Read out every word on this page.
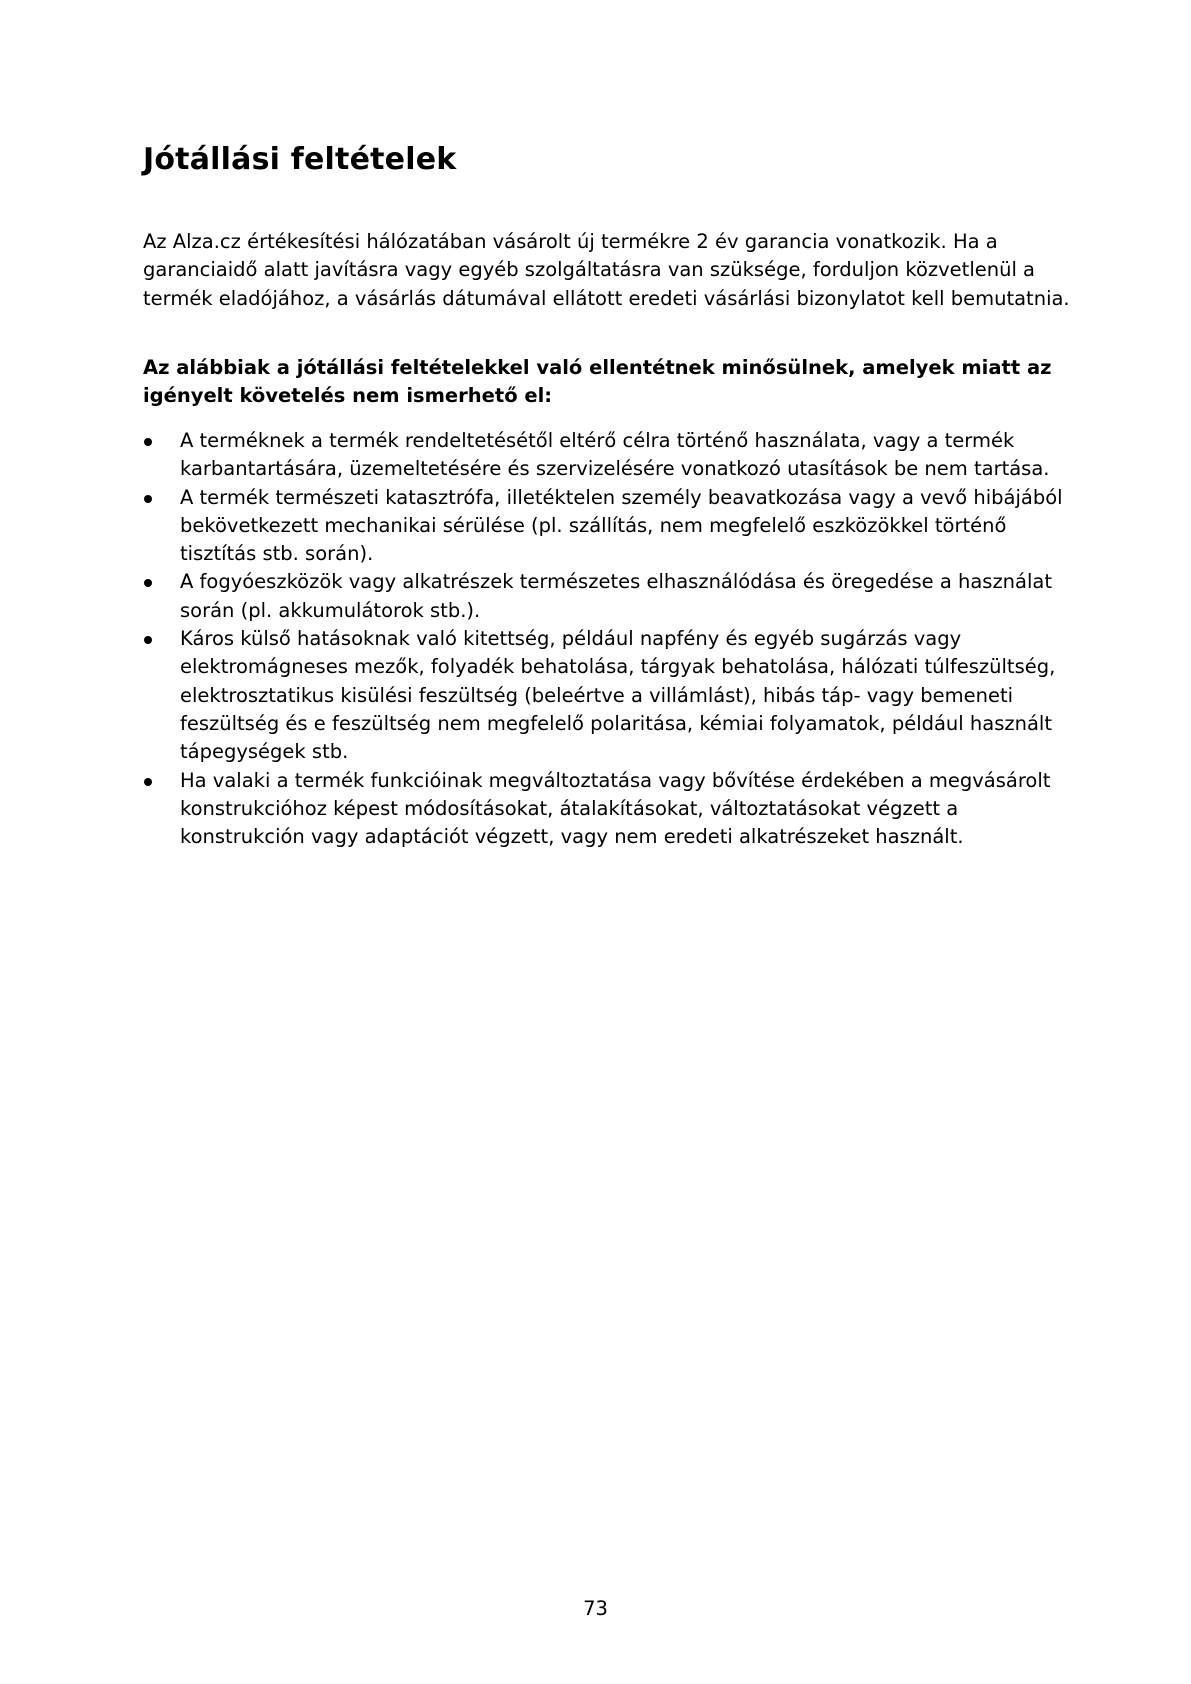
Jótállási feltételek

Az Alza.cz értékesítési hálózatában vásárolt új termékre 2 év garancia vonatkozik. Ha a garanciaidő alatt javításra vagy egyéb szolgáltatásra van szüksége, forduljon közvetlenül a termék eladójához, a vásárlás dátumával ellátott eredeti vásárlási bizonylatot kell bemutatnia.

Az alábbiak a jótállási feltételekkel való ellentétnek minősülnek, amelyek miatt az igényelt követelés nem ismerhető el:

A terméknek a termék rendeltetésétől eltérő célra történő használata, vagy a termék karbantartására, üzemeltetésére és szervizelésére vonatkozó utasítások be nem tartása.
A termék természeti katasztrófa, illetéktelen személy beavatkozása vagy a vevő hibájából bekövetkezett mechanikai sérülése (pl. szállítás, nem megfelelő eszközökkel történő tisztítás stb. során).
A fogyóeszközök vagy alkatrészek természetes elhasználódása és öregedése a használat során (pl. akkumulátorok stb.).
Káros külső hatásoknak való kitettség, például napfény és egyéb sugárzás vagy elektromágneses mezők, folyadék behatolása, tárgyak behatolása, hálózati túlfeszültség, elektrosztatikus kisülési feszültség (beleértve a villámlást), hibás táp- vagy bemeneti feszültség és e feszültség nem megfelelő polaritása, kémiai folyamatok, például használt tápegységek stb.
Ha valaki a termék funkcióinak megváltoztatása vagy bővítése érdekében a megvásárolt konstrukcióhoz képest módosításokat, átalakításokat, változtatásokat végzett a konstrukción vagy adaptációt végzett, vagy nem eredeti alkatrészeket használt.

73
